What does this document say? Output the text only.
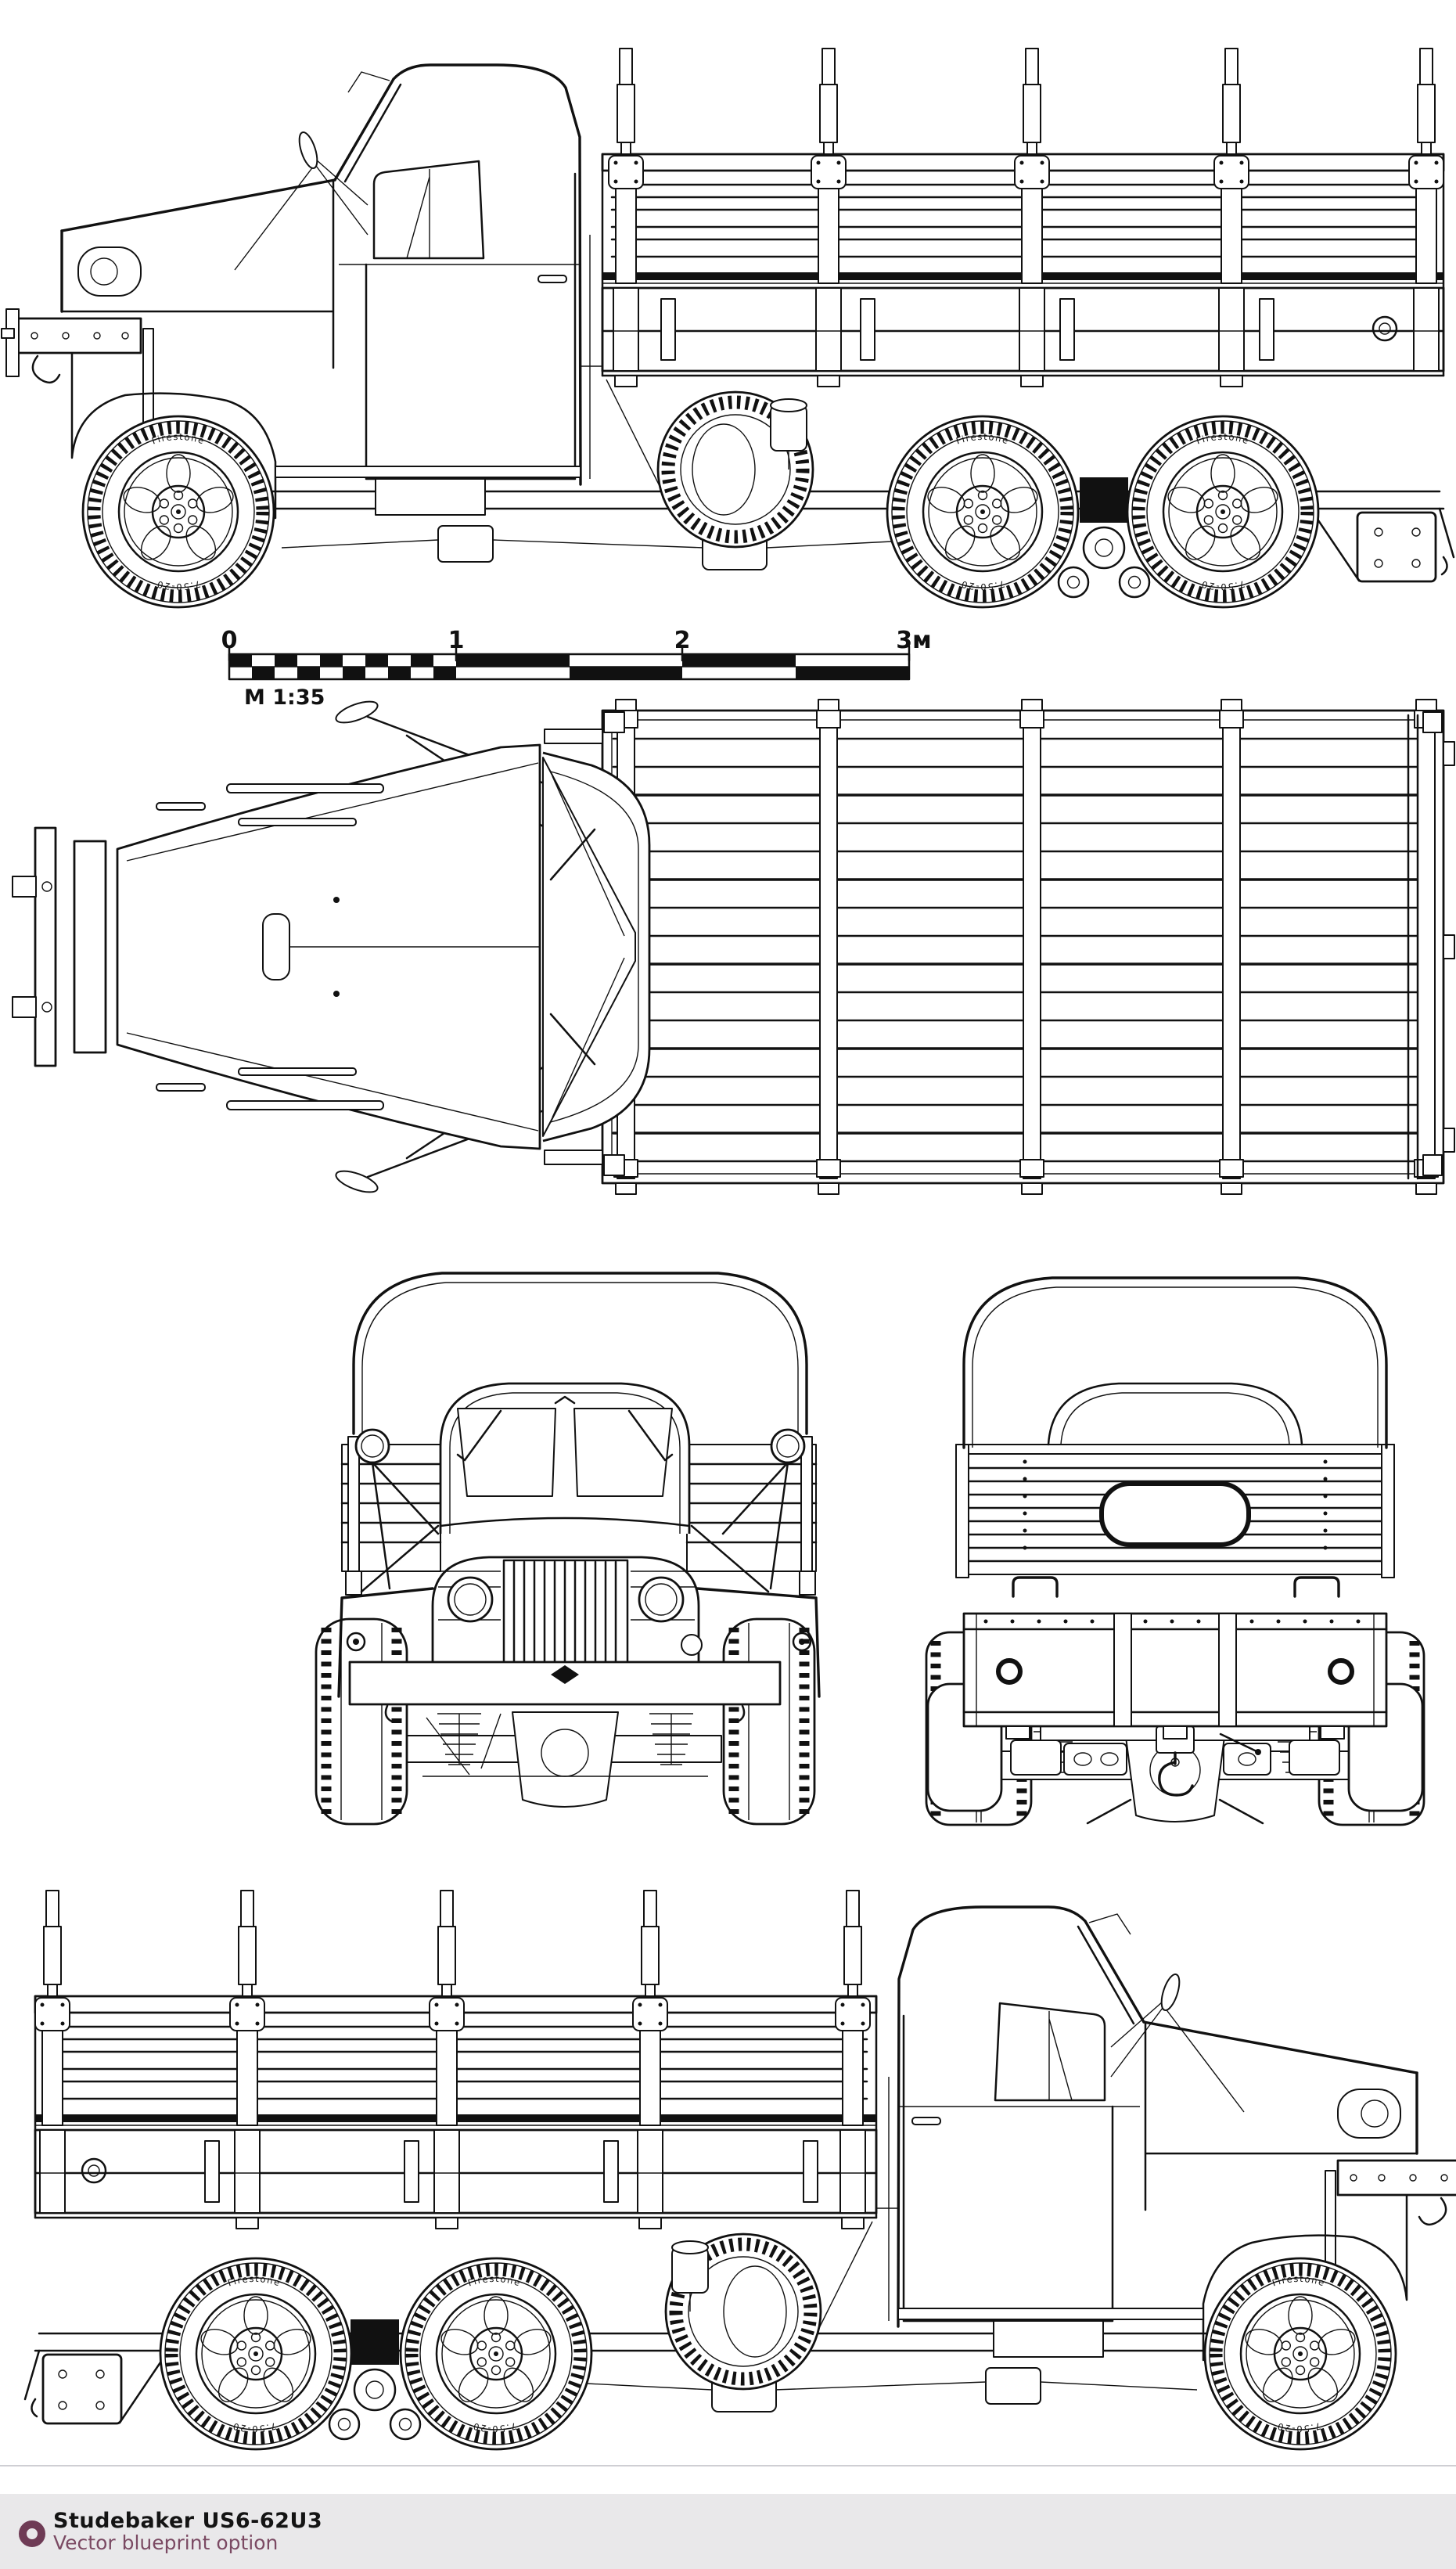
Firestone
7.50-20
Firestone
7.50-20
Firestone
7.50-20
0	1	2	3м
М 1:35
Firestone
7.50-20
Firestone
7.50-20
Firestone
7.50-20
Studebaker US6-62U3
Vector blueprint option
